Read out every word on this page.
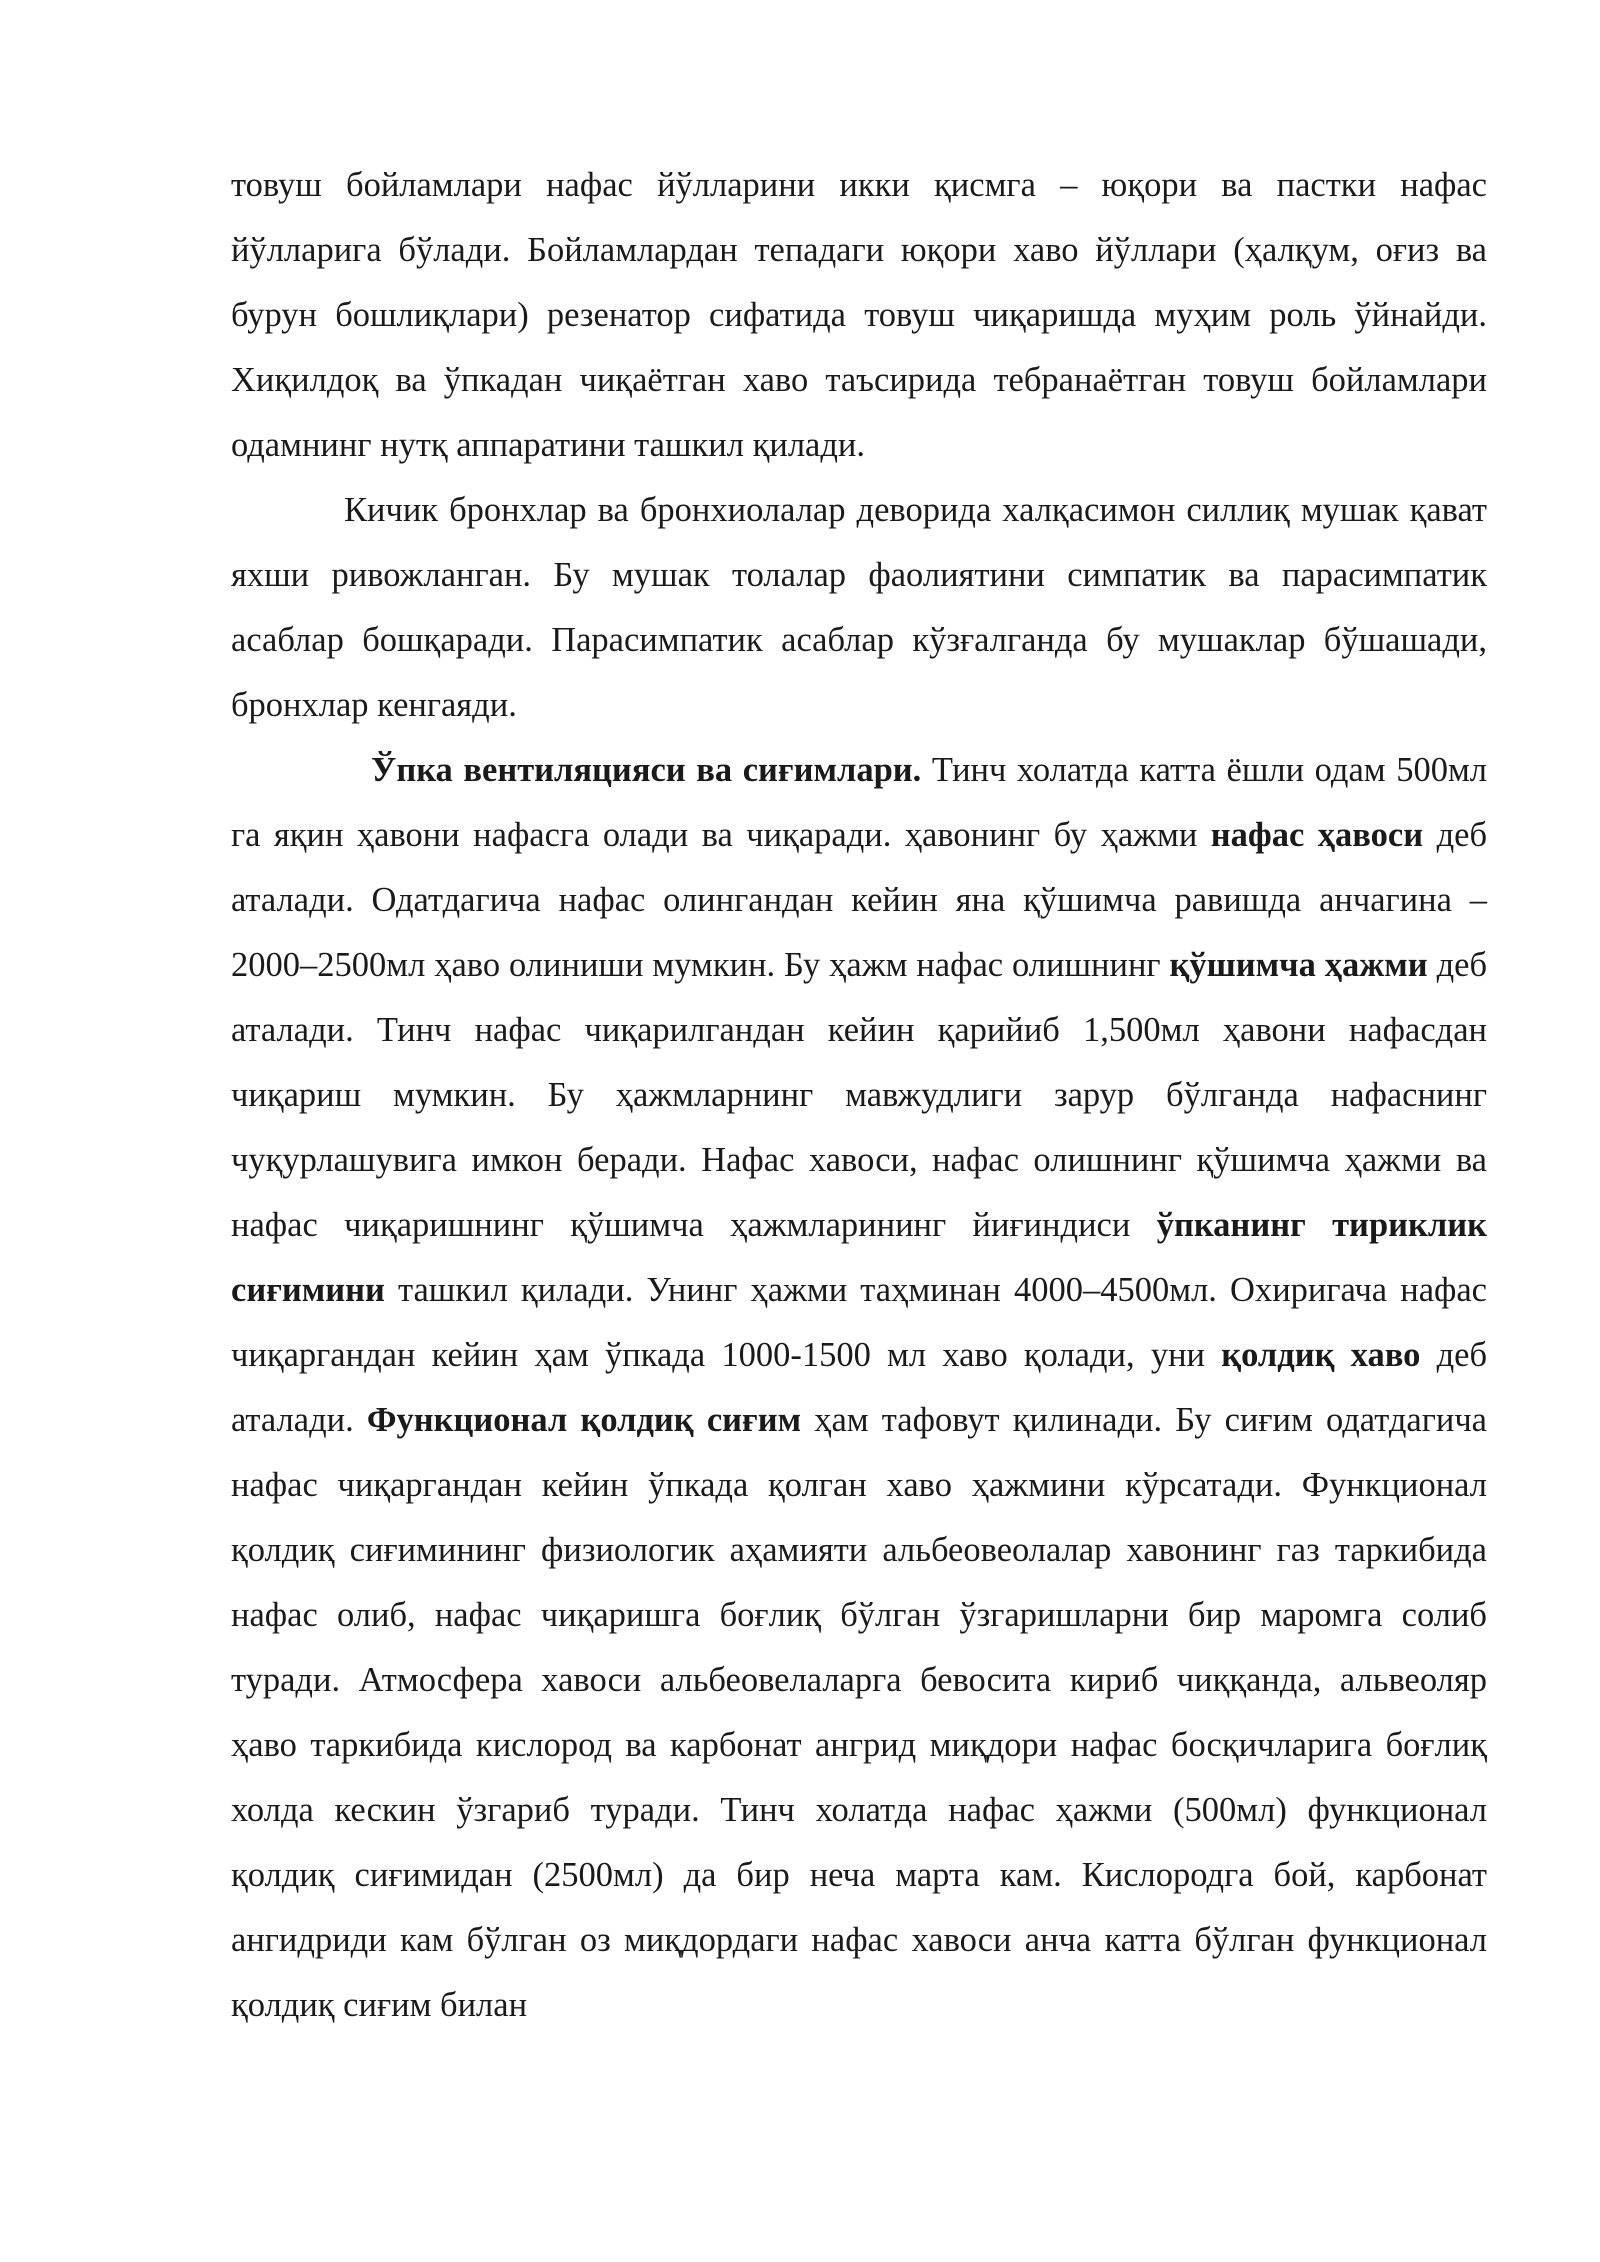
товуш бойламлари нафас йўлларини икки қисмга – юқори ва пастки нафас йўлларига бўлади. Бойламлардан тепадаги юқори хаво йўллари (ҳалқум, оғиз ва бурун бошлиқлари) резенатор сифатида товуш чиқаришда муҳим роль ўйнайди. Хиқилдоқ ва ўпкадан чиқаётган хаво таъсирида тебранаётган товуш бойламлари одамнинг нутқ аппаратини ташкил қилади.

Кичик бронхлар ва бронхиолалар деворида халқасимон силлиқ мушак қават яхши ривожланган. Бу мушак толалар фаолиятини симпатик ва парасимпатик асаблар бошқаради. Парасимпатик асаблар кўзғалганда бу мушаклар бўшашади, бронхлар кенгаяди.

Ўпка вентиляцияси ва сиғимлари. Тинч холатда катта ёшли одам 500мл га яқин ҳавони нафасга олади ва чиқаради. ҳавонинг бу ҳажми нафас ҳавоси деб аталади. Одатдагича нафас олингандан кейин яна қўшимча равишда анчагина – 2000–2500мл ҳаво олиниши мумкин. Бу ҳажм нафас олишнинг қўшимча ҳажми деб аталади. Тинч нафас чиқарилгандан кейин қарийиб 1,500мл ҳавони нафасдан чиқариш мумкин. Бу ҳажмларнинг мавжудлиги зарур бўлганда нафаснинг чуқурлашувига имкон беради. Нафас хавоси, нафас олишнинг қўшимча ҳажми ва нафас чиқаришнинг қўшимча ҳажмларининг йиғиндиси ўпканинг тириклик сиғимини ташкил қилади. Унинг ҳажми таҳминан 4000–4500мл. Охиригача нафас чиқаргандан кейин ҳам ўпкада 1000-1500 мл хаво қолади, уни қолдиқ хаво деб аталади. Функционал қолдиқ сиғим ҳам тафовут қилинади. Бу сиғим одатдагича нафас чиқаргандан кейин ўпкада қолган хаво ҳажмини кўрсатади. Функционал қолдиқ сиғимининг физиологик аҳамияти альбеовеолалар хавонинг газ таркибида нафас олиб, нафас чиқаришга боғлиқ бўлган ўзгаришларни бир маромга солиб туради. Атмосфера хавоси альбеовелаларга бевосита кириб чиққанда, альвеоляр ҳаво таркибида кислород ва карбонат ангрид миқдори нафас босқичларига боғлиқ холда кескин ўзгариб туради. Тинч холатда нафас ҳажми (500мл) функционал қолдиқ сиғимидан (2500мл) да бир неча марта кам. Кислородга бой, карбонат ангидриди кам бўлган оз миқдордаги нафас хавоси анча катта бўлган функционал қолдиқ сиғим билан
